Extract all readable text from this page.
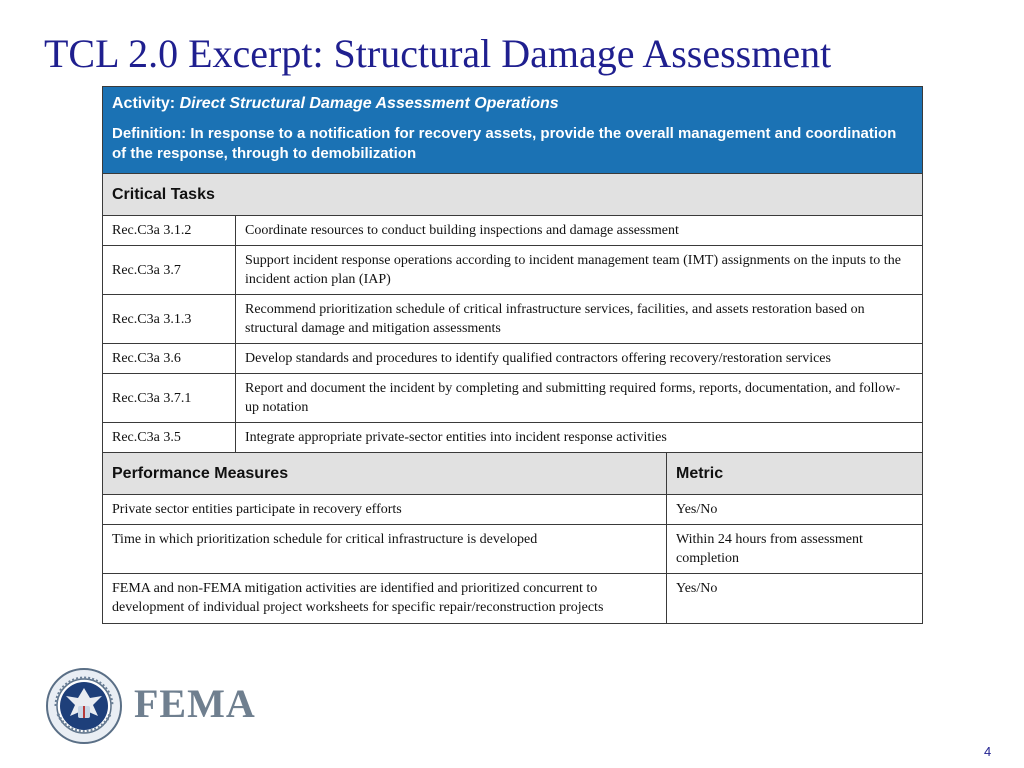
TCL 2.0 Excerpt: Structural Damage Assessment
Activity: Direct Structural Damage Assessment Operations
Definition: In response to a notification for recovery assets, provide the overall management and coordination of the response, through to demobilization		

Critical Tasks		
Rec.C3a 3.1.2	Coordinate resources to conduct building inspections and damage assessment	
Rec.C3a 3.7	Support incident response operations according to incident management team (IMT) assignments on the inputs to the incident action plan (IAP)	
Rec.C3a 3.1.3	Recommend prioritization schedule of critical infrastructure services, facilities, and assets restoration based on structural damage and mitigation assessments	
Rec.C3a 3.6	Develop standards and procedures to identify qualified contractors offering recovery/restoration services	
Rec.C3a 3.7.1	Report and document the incident by completing and submitting required forms, reports, documentation, and follow-up notation	
Rec.C3a 3.5	Integrate appropriate private-sector entities into incident response activities	
Performance Measures		Metric
Private sector entities participate in recovery efforts		Yes/No
Time in which prioritization schedule for critical infrastructure is developed		Within 24 hours from assessment completion
FEMA and non-FEMA mitigation activities are identified and prioritized concurrent to development of individual project worksheets for specific repair/reconstruction projects		Yes/No
FEMA
4
